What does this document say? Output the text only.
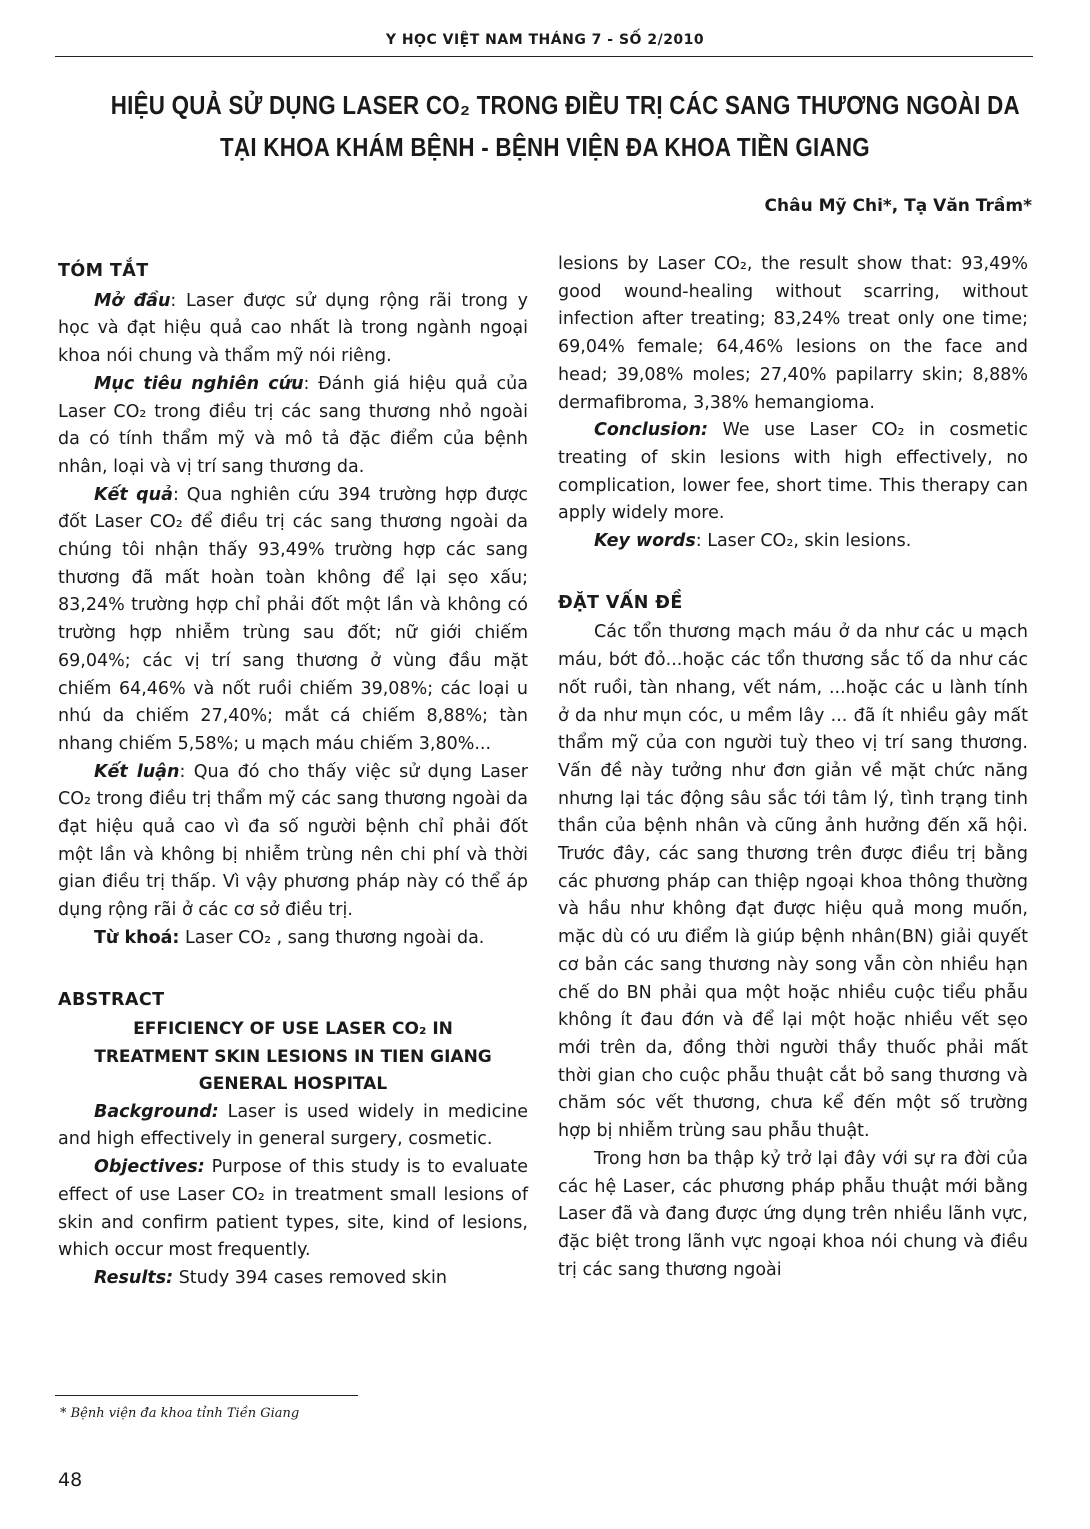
Y HỌC VIỆT NAM THÁNG 7 - SỐ 2/2010
HIỆU QUẢ SỬ DỤNG LASER CO₂ TRONG ĐIỀU TRỊ CÁC SANG THƯƠNG NGOÀI DA
TẠI KHOA KHÁM BỆNH - BỆNH VIỆN ĐA KHOA TIỀN GIANG
Châu Mỹ Chi*, Tạ Văn Trầm*
TÓM TẮT

Mở đầu: Laser được sử dụng rộng rãi trong y học và đạt hiệu quả cao nhất là trong ngành ngoại khoa nói chung và thẩm mỹ nói riêng.

Mục tiêu nghiên cứu: Đánh giá hiệu quả của Laser CO₂ trong điều trị các sang thương nhỏ ngoài da có tính thẩm mỹ và mô tả đặc điểm của bệnh nhân, loại và vị trí sang thương da.

Kết quả: Qua nghiên cứu 394 trường hợp được đốt Laser CO₂ để điều trị các sang thương ngoài da chúng tôi nhận thấy 93,49% trường hợp các sang thương đã mất hoàn toàn không để lại sẹo xấu; 83,24% trường hợp chỉ phải đốt một lần và không có trường hợp nhiễm trùng sau đốt; nữ giới chiếm 69,04%; các vị trí sang thương ở vùng đầu mặt chiếm 64,46% và nốt ruồi chiếm 39,08%; các loại u nhú da chiếm 27,40%; mắt cá chiếm 8,88%; tàn nhang chiếm 5,58%; u mạch máu chiếm 3,80%...

Kết luận: Qua đó cho thấy việc sử dụng Laser CO₂ trong điều trị thẩm mỹ các sang thương ngoài da đạt hiệu quả cao vì đa số người bệnh chỉ phải đốt một lần và không bị nhiễm trùng nên chi phí và thời gian điều trị thấp. Vì vậy phương pháp này có thể áp dụng rộng rãi ở các cơ sở điều trị.

Từ khoá: Laser CO₂ , sang thương ngoài da.

ABSTRACT
EFFICIENCY OF USE LASER CO₂ IN
TREATMENT SKIN LESIONS IN TIEN GIANG
GENERAL HOSPITAL

Background: Laser is used widely in medicine and high effectively in general surgery, cosmetic.

Objectives: Purpose of this study is to evaluate effect of use Laser CO₂ in treatment small lesions of skin and confirm patient types, site, kind of lesions, which occur most frequently.

Results: Study 394 cases removed skin

lesions by Laser CO₂, the result show that: 93,49% good wound-healing without scarring, without infection after treating; 83,24% treat only one time; 69,04% female; 64,46% lesions on the face and head; 39,08% moles; 27,40% papilarry skin; 8,88% dermafibroma, 3,38% hemangioma.

Conclusion: We use Laser CO₂ in cosmetic treating of skin lesions with high effectively, no complication, lower fee, short time. This therapy can apply widely more.

Key words: Laser CO₂, skin lesions.

ĐẶT VẤN ĐỀ

Các tổn thương mạch máu ở da như các u mạch máu, bớt đỏ...hoặc các tổn thương sắc tố da như các nốt ruồi, tàn nhang, vết nám, ...hoặc các u lành tính ở da như mụn cóc, u mềm lây ... đã ít nhiều gây mất thẩm mỹ của con người tuỳ theo vị trí sang thương. Vấn đề này tưởng như đơn giản về mặt chức năng nhưng lại tác động sâu sắc tới tâm lý, tình trạng tinh thần của bệnh nhân và cũng ảnh hưởng đến xã hội. Trước đây, các sang thương trên được điều trị bằng các phương pháp can thiệp ngoại khoa thông thường và hầu như không đạt được hiệu quả mong muốn, mặc dù có ưu điểm là giúp bệnh nhân(BN) giải quyết cơ bản các sang thương này song vẫn còn nhiều hạn chế do BN phải qua một hoặc nhiều cuộc tiểu phẫu không ít đau đớn và để lại một hoặc nhiều vết sẹo mới trên da, đồng thời người thầy thuốc phải mất thời gian cho cuộc phẫu thuật cắt bỏ sang thương và chăm sóc vết thương, chưa kể đến một số trường hợp bị nhiễm trùng sau phẫu thuật.

Trong hơn ba thập kỷ trở lại đây với sự ra đời của các hệ Laser, các phương pháp phẫu thuật mới bằng Laser đã và đang được ứng dụng trên nhiều lãnh vực, đặc biệt trong lãnh vực ngoại khoa nói chung và điều trị các sang thương ngoài

* Bệnh viện đa khoa tỉnh Tiền Giang
48
